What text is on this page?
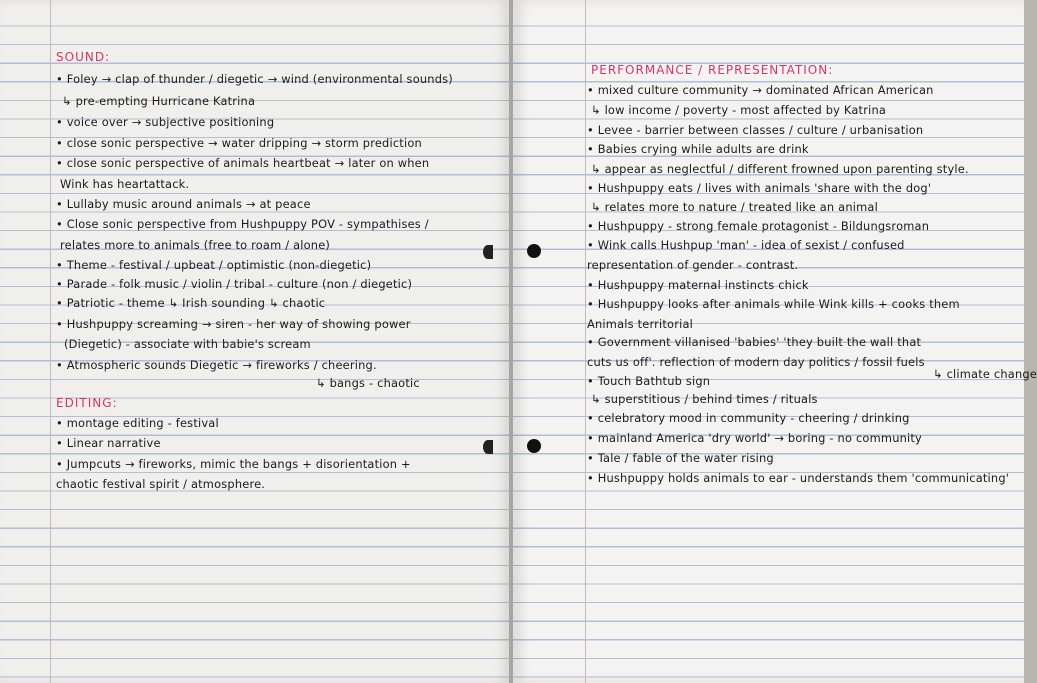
SOUND:
• Foley → clap of thunder / diegetic → wind (environmental sounds)
↳ pre-empting Hurricane Katrina
• voice over → subjective positioning
• close sonic perspective → water dripping → storm prediction
• close sonic perspective of animals heartbeat → later on when
Wink has heartattack.
• Lullaby music around animals → at peace
• Close sonic perspective from Hushpuppy POV - sympathises /
relates more to animals (free to roam / alone)
• Theme - festival / upbeat / optimistic (non-diegetic)
• Parade - folk music / violin / tribal - culture (non / diegetic)
• Patriotic - theme ↳ Irish sounding ↳ chaotic
• Hushpuppy screaming → siren - her way of showing power
(Diegetic) - associate with babie's scream
• Atmospheric sounds Diegetic → fireworks / cheering.
↳ bangs - chaotic
EDITING:
• montage editing - festival
• Linear narrative
• Jumpcuts → fireworks, mimic the bangs + disorientation +
chaotic festival spirit / atmosphere.
PERFORMANCE / REPRESENTATION:
• mixed culture community → dominated African American
↳ low income / poverty - most affected by Katrina
• Levee - barrier between classes / culture / urbanisation
• Babies crying while adults are drink
↳ appear as neglectful / different frowned upon parenting style.
• Hushpuppy eats / lives with animals 'share with the dog'
↳ relates more to nature / treated like an animal
• Hushpuppy - strong female protagonist - Bildungsroman
• Wink calls Hushpup 'man' - idea of sexist / confused
representation of gender - contrast.
• Hushpuppy maternal instincts chick
• Hushpuppy looks after animals while Wink kills + cooks them
Animals territorial
• Government villanised 'babies' 'they built the wall that
cuts us off'. reflection of modern day politics / fossil fuels
• Touch Bathtub sign
↳ superstitious / behind times / rituals
• celebratory mood in community - cheering / drinking
• mainland America 'dry world' → boring - no community
• Tale / fable of the water rising
• Hushpuppy holds animals to ear - understands them 'communicating'
↳ climate change
